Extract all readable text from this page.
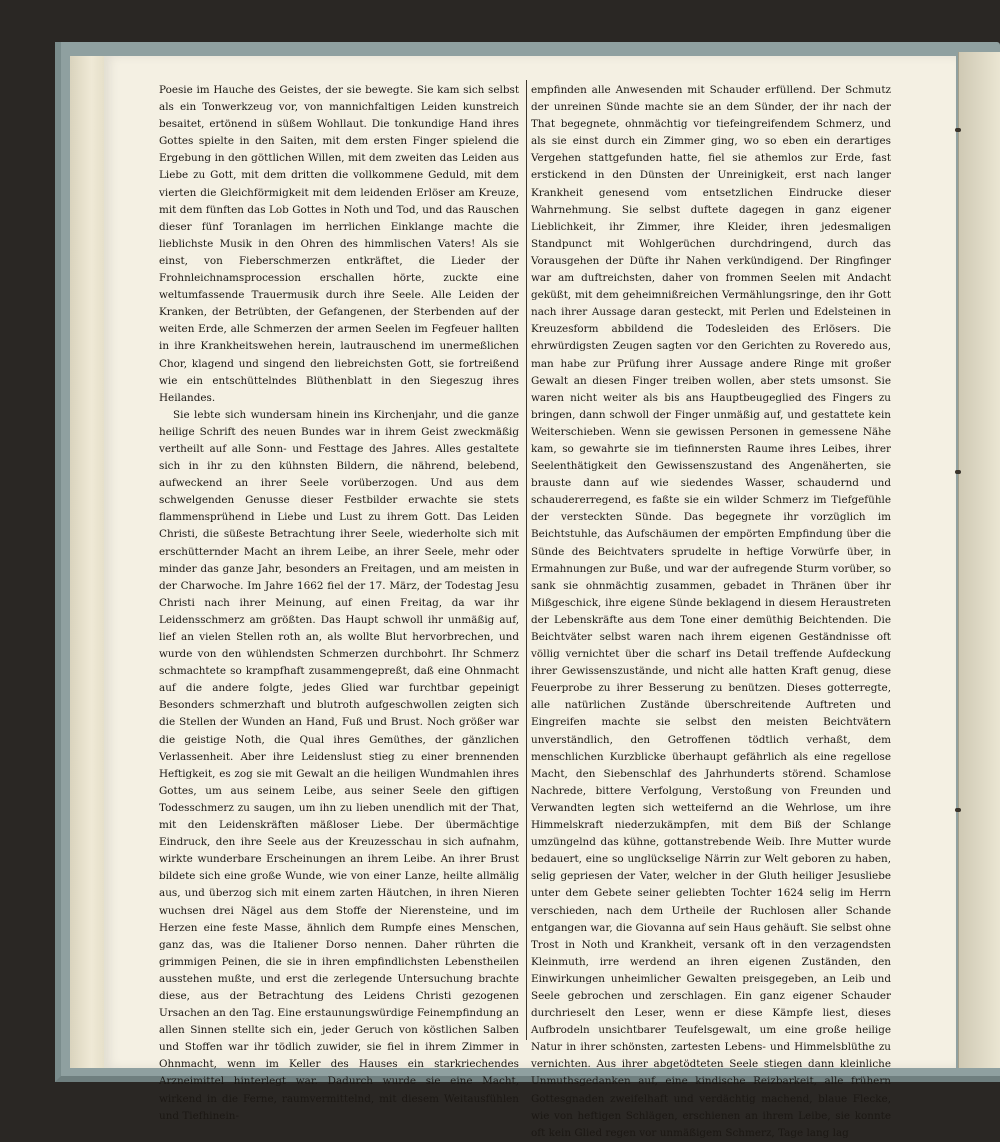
Poesie im Hauche des Geistes, der sie bewegte. Sie kam sich selbst als ein Tonwerkzeug vor, von mannichfaltigen Leiden kunstreich besaitet, ertönend in süßem Wohllaut. Die tonkundige Hand ihres Gottes spielte in den Saiten, mit dem ersten Finger spielend die Ergebung in den göttlichen Willen, mit dem zweiten das Leiden aus Liebe zu Gott, mit dem dritten die vollkommene Geduld, mit dem vierten die Gleichförmigkeit mit dem leidenden Erlöser am Kreuze, mit dem fünften das Lob Gottes in Noth und Tod, und das Rauschen dieser fünf Toranlagen im herrlichen Einklange machte die lieblichste Musik in den Ohren des himmlischen Vaters! Als sie einst, von Fieberschmerzen entkräftet, die Lieder der Frohnleichnamsprocession erschallen hörte, zuckte eine weltumfassende Trauermusik durch ihre Seele. Alle Leiden der Kranken, der Betrübten, der Gefangenen, der Sterbenden auf der weiten Erde, alle Schmerzen der armen Seelen im Fegfeuer hallten in ihre Krankheitswehen herein, lautrauschend im unermeßlichen Chor, klagend und singend den liebreichsten Gott, sie fortreißend wie ein entschüttelndes Blüthenblatt in den Siegeszug ihres Heilandes.

Sie lebte sich wundersam hinein ins Kirchenjahr, und die ganze heilige Schrift des neuen Bundes war in ihrem Geist zweckmäßig vertheilt auf alle Sonn- und Festtage des Jahres. Alles gestaltete sich in ihr zu den kühnsten Bildern, die nährend, belebend, aufweckend an ihrer Seele vorüberzogen. Und aus dem schwelgenden Genusse dieser Festbilder erwachte sie stets flammensprühend in Liebe und Lust zu ihrem Gott. Das Leiden Christi, die süßeste Betrachtung ihrer Seele, wiederholte sich mit erschütternder Macht an ihrem Leibe, an ihrer Seele, mehr oder minder das ganze Jahr, besonders an Freitagen, und am meisten in der Charwoche. Im Jahre 1662 fiel der 17. März, der Todestag Jesu Christi nach ihrer Meinung, auf einen Freitag, da war ihr Leidensschmerz am größten. Das Haupt schwoll ihr unmäßig auf, lief an vielen Stellen roth an, als wollte Blut hervorbrechen, und wurde von den wühlendsten Schmerzen durchbohrt. Ihr Schmerz schmachtete so krampfhaft zusammengepreßt, daß eine Ohnmacht auf die andere folgte, jedes Glied war furchtbar gepeinigt Besonders schmerzhaft und blutroth aufgeschwollen zeigten sich die Stellen der Wunden an Hand, Fuß und Brust. Noch größer war die geistige Noth, die Qual ihres Gemüthes, der gänzlichen Verlassenheit. Aber ihre Leidenslust stieg zu einer brennenden Heftigkeit, es zog sie mit Gewalt an die heiligen Wundmahlen ihres Gottes, um aus seinem Leibe, aus seiner Seele den giftigen Todesschmerz zu saugen, um ihn zu lieben unendlich mit der That, mit den Leidenskräften mäßloser Liebe. Der übermächtige Eindruck, den ihre Seele aus der Kreuzesschau in sich aufnahm, wirkte wunderbare Erscheinungen an ihrem Leibe. An ihrer Brust bildete sich eine große Wunde, wie von einer Lanze, heilte allmälig aus, und überzog sich mit einem zarten Häutchen, in ihren Nieren wuchsen drei Nägel aus dem Stoffe der Nierensteine, und im Herzen eine feste Masse, ähnlich dem Rumpfe eines Menschen, ganz das, was die Italiener Dorso nennen. Daher rührten die grimmigen Peinen, die sie in ihren empfindlichsten Lebenstheilen ausstehen mußte, und erst die zerlegende Untersuchung brachte diese, aus der Betrachtung des Leidens Christi gezogenen Ursachen an den Tag. Eine erstaunungswürdige Feinempfindung an allen Sinnen stellte sich ein, jeder Geruch von köstlichen Salben und Stoffen war ihr tödlich zuwider, sie fiel in ihrem Zimmer in Ohnmacht, wenn im Keller des Hauses ein starkriechendes Arzneimittel hinterlegt war. Dadurch wurde sie eine Macht, wirkend in die Ferne, raumvermittelnd, mit diesem Weitausfühlen und Tiefhinein-

empfinden alle Anwesenden mit Schauder erfüllend. Der Schmutz der unreinen Sünde machte sie an dem Sünder, der ihr nach der That begegnete, ohnmächtig vor tiefeingreifendem Schmerz, und als sie einst durch ein Zimmer ging, wo so eben ein derartiges Vergehen stattgefunden hatte, fiel sie athemlos zur Erde, fast erstickend in den Dünsten der Unreinigkeit, erst nach langer Krankheit genesend vom entsetzlichen Eindrucke dieser Wahrnehmung. Sie selbst duftete dagegen in ganz eigener Lieblichkeit, ihr Zimmer, ihre Kleider, ihren jedesmaligen Standpunct mit Wohlgerüchen durchdringend, durch das Vorausgehen der Düfte ihr Nahen verkündigend. Der Ringfinger war am duftreichsten, daher von frommen Seelen mit Andacht geküßt, mit dem geheimnißreichen Vermählungsringe, den ihr Gott nach ihrer Aussage daran gesteckt, mit Perlen und Edelsteinen in Kreuzesform abbildend die Todesleiden des Erlösers. Die ehrwürdigsten Zeugen sagten vor den Gerichten zu Roveredo aus, man habe zur Prüfung ihrer Aussage andere Ringe mit großer Gewalt an diesen Finger treiben wollen, aber stets umsonst. Sie waren nicht weiter als bis ans Hauptbeugeglied des Fingers zu bringen, dann schwoll der Finger unmäßig auf, und gestattete kein Weiterschieben. Wenn sie gewissen Personen in gemessene Nähe kam, so gewahrte sie im tiefinnersten Raume ihres Leibes, ihrer Seelenthätigkeit den Gewissenszustand des Angenäherten, sie brauste dann auf wie siedendes Wasser, schaudernd und schaudererregend, es faßte sie ein wilder Schmerz im Tiefgefühle der versteckten Sünde. Das begegnete ihr vorzüglich im Beichtstuhle, das Aufschäumen der empörten Empfindung über die Sünde des Beichtvaters sprudelte in heftige Vorwürfe über, in Ermahnungen zur Buße, und war der aufregende Sturm vorüber, so sank sie ohnmächtig zusammen, gebadet in Thränen über ihr Mißgeschick, ihre eigene Sünde beklagend in diesem Heraustreten der Lebenskräfte aus dem Tone einer demüthig Beichtenden. Die Beichtväter selbst waren nach ihrem eigenen Geständnisse oft völlig vernichtet über die scharf ins Detail treffende Aufdeckung ihrer Gewissenszustände, und nicht alle hatten Kraft genug, diese Feuerprobe zu ihrer Besserung zu benützen. Dieses gotterregte, alle natürlichen Zustände überschreitende Auftreten und Eingreifen machte sie selbst den meisten Beichtvätern unverständlich, den Getroffenen tödtlich verhaßt, dem menschlichen Kurzblicke überhaupt gefährlich als eine regellose Macht, den Siebenschlaf des Jahrhunderts störend. Schamlose Nachrede, bittere Verfolgung, Verstoßung von Freunden und Verwandten legten sich wetteifernd an die Wehrlose, um ihre Himmelskraft niederzukämpfen, mit dem Biß der Schlange umzüngelnd das kühne, gottanstrebende Weib. Ihre Mutter wurde bedauert, eine so unglückselige Närrin zur Welt geboren zu haben, selig gepriesen der Vater, welcher in der Gluth heiliger Jesusliebe unter dem Gebete seiner geliebten Tochter 1624 selig im Herrn verschieden, nach dem Urtheile der Ruchlosen aller Schande entgangen war, die Giovanna auf sein Haus gehäuft. Sie selbst ohne Trost in Noth und Krankheit, versank oft in den verzagendsten Kleinmuth, irre werdend an ihren eigenen Zuständen, den Einwirkungen unheimlicher Gewalten preisgegeben, an Leib und Seele gebrochen und zerschlagen. Ein ganz eigener Schauder durchrieselt den Leser, wenn er diese Kämpfe liest, dieses Aufbrodeln unsichtbarer Teufelsgewalt, um eine große heilige Natur in ihrer schönsten, zartesten Lebens- und Himmelsblüthe zu vernichten. Aus ihrer abgetödteten Seele stiegen dann kleinliche Unmuthsgedanken auf, eine kindische Reizbarkeit, alle frühern Gottesgnaden zweifelhaft und verdächtig machend, blaue Flecke, wie von heftigen Schlägen, erschienen an ihrem Leibe, sie konnte oft kein Glied regen vor unmäßigem Schmerz, Tage lang lag
